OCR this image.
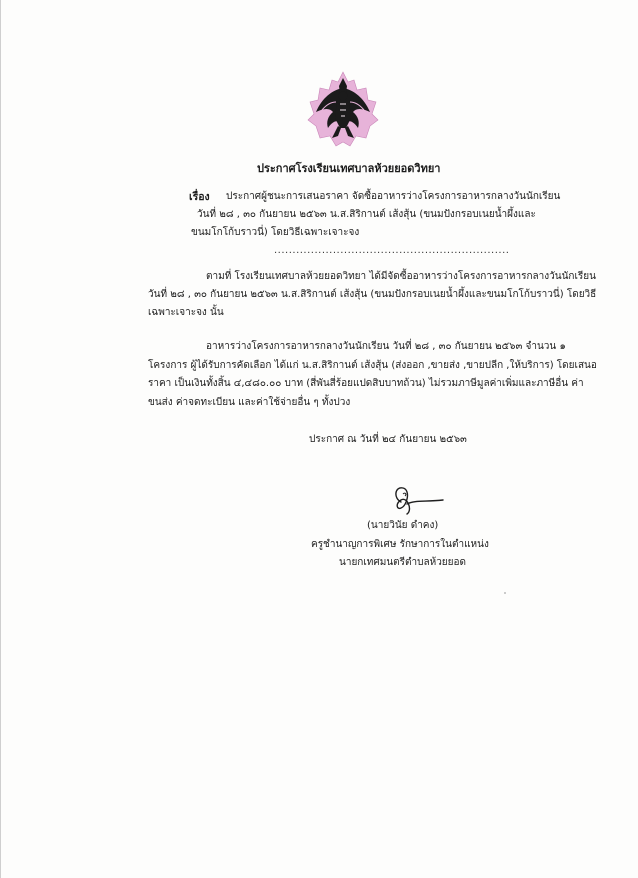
ประกาศโรงเรียนเทศบาลห้วยยอดวิทยา
เรื่อง ประกาศผู้ชนะการเสนอราคา จัดซื้ออาหารว่างโครงการอาหารกลางวันนักเรียน
วันที่ ๒๘ , ๓๐ กันยายน ๒๕๖๓ น.ส.สิริกานต์ เส้งสุ้น (ขนมปังกรอบเนยน้ำผึ้งและ
ขนมโกโก้บราวนี่) โดยวิธีเฉพาะเจาะจง
................................................................
ตามที่ โรงเรียนเทศบาลห้วยยอดวิทยา ได้มีจัดซื้ออาหารว่างโครงการอาหารกลางวันนักเรียน
วันที่ ๒๘ , ๓๐ กันยายน ๒๕๖๓ น.ส.สิริกานต์ เส้งสุ้น (ขนมปังกรอบเนยน้ำผึ้งและขนมโกโก้บราวนี่) โดยวิธี
เฉพาะเจาะจง นั้น
อาหารว่างโครงการอาหารกลางวันนักเรียน วันที่ ๒๘ , ๓๐ กันยายน ๒๕๖๓ จำนวน ๑
โครงการ ผู้ได้รับการคัดเลือก ได้แก่ น.ส.สิริกานต์ เส้งสุ้น (ส่งออก ,ขายส่ง ,ขายปลีก ,ให้บริการ) โดยเสนอ
ราคา เป็นเงินทั้งสิ้น ๔,๔๘๐.๐๐ บาท (สี่พันสี่ร้อยแปดสิบบาทถ้วน) ไม่รวมภาษีมูลค่าเพิ่มและภาษีอื่น ค่า
ขนส่ง ค่าจดทะเบียน และค่าใช้จ่ายอื่น ๆ ทั้งปวง
ประกาศ ณ วันที่ ๒๔ กันยายน ๒๕๖๓
(นายวินัย ดำคง)
ครูชำนาญการพิเศษ รักษาการในตำแหน่ง
นายกเทศมนตรีตำบลห้วยยอด
